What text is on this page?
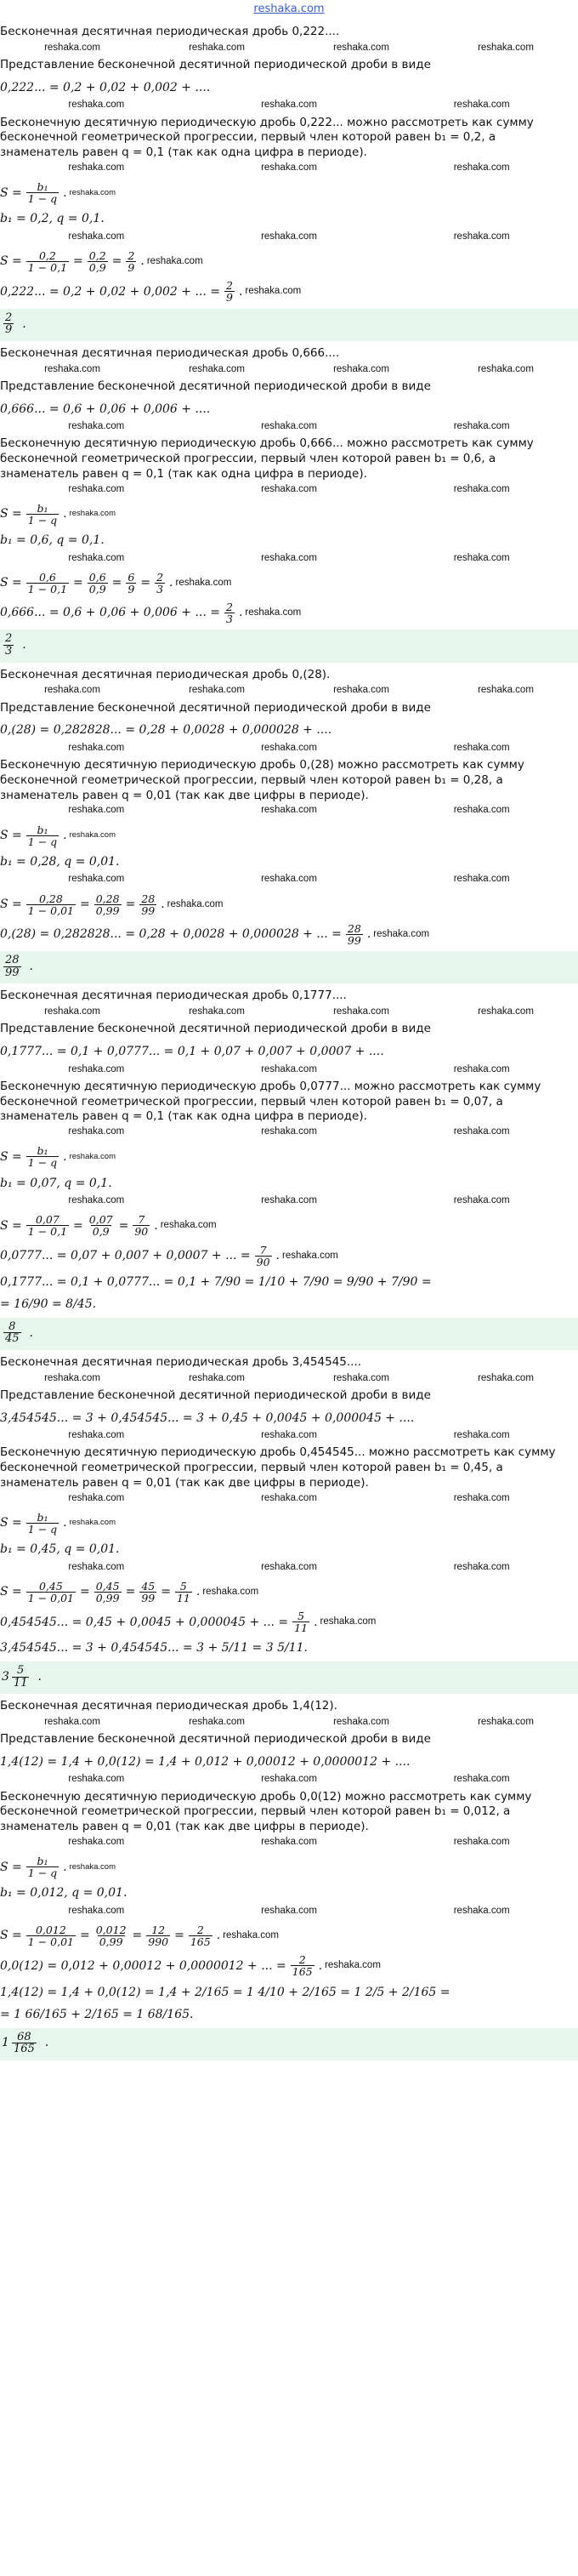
reshaka.com
Бесконечная десятичная периодическая дробь 0,222....
reshaka.com	reshaka.com	reshaka.com	reshaka.com
Представление бесконечной десятичной периодической дроби в виде
0,222... = 0,2 + 0,02 + 0,002 + ....
reshaka.com	reshaka.com	reshaka.com
Бесконечную десятичную периодическую дробь 0,222... можно рассмотреть как сумму бесконечной геометрической прогрессии, первый член которой равен b₁ = 0,2, а знаменатель равен q = 0,1 (так как одна цифра в периоде).
reshaka.com	reshaka.com	reshaka.com
$S = \frac{\text{b₁}}{1 - q}$ . reshaka.com
b₁ = 0,2, q = 0,1.
reshaka.com	reshaka.com	reshaka.com
$S = \frac{0,2}{1 - 0,1} = \frac{0,2}{0,9} = \frac{2}{9}$ . reshaka.com
0,222... = 0,2 + 0,02 + 0,002 + ... = $\frac{2}{9}$ . reshaka.com
$\frac{2}{9}$ .
Бесконечная десятичная периодическая дробь 0,666....
reshaka.com	reshaka.com	reshaka.com	reshaka.com
Представление бесконечной десятичной периодической дроби в виде
0,666... = 0,6 + 0,06 + 0,006 + ....
reshaka.com	reshaka.com	reshaka.com
Бесконечную десятичную периодическую дробь 0,666... можно рассмотреть как сумму бесконечной геометрической прогрессии, первый член которой равен b₁ = 0,6, а знаменатель равен q = 0,1 (так как одна цифра в периоде).
reshaka.com	reshaka.com	reshaka.com
$S = \frac{\text{b₁}}{1 - q}$ . reshaka.com
b₁ = 0,6, q = 0,1.
reshaka.com	reshaka.com	reshaka.com
$S = \frac{0,6}{1 - 0,1} = \frac{0,6}{0,9} = \frac{6}{9} = \frac{2}{3}$ . reshaka.com
0,666... = 0,6 + 0,06 + 0,006 + ... = $\frac{2}{3}$ . reshaka.com
$\frac{2}{3}$ .
Бесконечная десятичная периодическая дробь 0,(28).
reshaka.com	reshaka.com	reshaka.com	reshaka.com
Представление бесконечной десятичной периодической дроби в виде
0,(28) = 0,282828... = 0,28 + 0,0028 + 0,000028 + ....
reshaka.com	reshaka.com	reshaka.com
Бесконечную десятичную периодическую дробь 0,(28) можно рассмотреть как сумму бесконечной геометрической прогрессии, первый член которой равен b₁ = 0,28, а знаменатель равен q = 0,01 (так как две цифры в периоде).
reshaka.com	reshaka.com	reshaka.com
$S = \frac{\text{b₁}}{1 - q}$ . reshaka.com
b₁ = 0,28, q = 0,01.
reshaka.com	reshaka.com	reshaka.com
$S = \frac{0,28}{1 - 0,01} = \frac{0,28}{0,99} = \frac{28}{99}$ . reshaka.com
0,(28) = 0,282828... = 0,28 + 0,0028 + 0,000028 + ... = $\frac{28}{99}$ . reshaka.com
$\frac{28}{99}$ .
Бесконечная десятичная периодическая дробь 0,1777....
reshaka.com	reshaka.com	reshaka.com	reshaka.com
Представление бесконечной десятичной периодической дроби в виде
0,1777... = 0,1 + 0,0777... = 0,1 + 0,07 + 0,007 + 0,0007 + ....
reshaka.com	reshaka.com	reshaka.com
Бесконечную десятичную периодическую дробь 0,0777... можно рассмотреть как сумму бесконечной геометрической прогрессии, первый член которой равен b₁ = 0,07, а знаменатель равен q = 0,1 (так как одна цифра в периоде).
reshaka.com	reshaka.com	reshaka.com
$S = \frac{\text{b₁}}{1 - q}$ . reshaka.com
b₁ = 0,07, q = 0,1.
reshaka.com	reshaka.com	reshaka.com
$S = \frac{0,07}{1 - 0,1} = \frac{0,07}{0,9} = \frac{7}{90}$ . reshaka.com
0,0777... = 0,07 + 0,007 + 0,0007 + ... = $\frac{7}{90}$ . reshaka.com
0,1777... = 0,1 + 0,0777... = 0,1 + 7/90 = 1/10 + 7/90 = 9/90 + 7/90 =
= 16/90 = 8/45.
$\frac{8}{45}$ .
Бесконечная десятичная периодическая дробь 3,454545....
reshaka.com	reshaka.com	reshaka.com	reshaka.com
Представление бесконечной десятичной периодической дроби в виде
3,454545... = 3 + 0,454545... = 3 + 0,45 + 0,0045 + 0,000045 + ....
reshaka.com	reshaka.com	reshaka.com
Бесконечную десятичную периодическую дробь 0,454545... можно рассмотреть как сумму бесконечной геометрической прогрессии, первый член которой равен b₁ = 0,45, а знаменатель равен q = 0,01 (так как две цифры в периоде).
reshaka.com	reshaka.com	reshaka.com
$S = \frac{\text{b₁}}{1 - q}$ . reshaka.com
b₁ = 0,45, q = 0,01.
reshaka.com	reshaka.com	reshaka.com
$S = \frac{0,45}{1 - 0,01} = \frac{0,45}{0,99} = \frac{45}{99} = \frac{5}{11}$ . reshaka.com
0,454545... = 0,45 + 0,0045 + 0,000045 + ... = $\frac{5}{11}$ . reshaka.com
3,454545... = 3 + 0,454545... = 3 + 5/11 = 3 5/11.
$3 \frac{5}{11}$ .
Бесконечная десятичная периодическая дробь 1,4(12).
reshaka.com	reshaka.com	reshaka.com	reshaka.com
Представление бесконечной десятичной периодической дроби в виде
1,4(12) = 1,4 + 0,0(12) = 1,4 + 0,012 + 0,00012 + 0,0000012 + ....
reshaka.com	reshaka.com	reshaka.com
Бесконечную десятичную периодическую дробь 0,0(12) можно рассмотреть как сумму бесконечной геометрической прогрессии, первый член которой равен b₁ = 0,012, а знаменатель равен q = 0,01 (так как две цифры в периоде).
reshaka.com	reshaka.com	reshaka.com
$S = \frac{\text{b₁}}{1 - q}$ . reshaka.com
b₁ = 0,012, q = 0,01.
reshaka.com	reshaka.com	reshaka.com
$S = \frac{0,012}{1 - 0,01} = \frac{0,012}{0,99} = \frac{12}{990} = \frac{2}{165}$ . reshaka.com
0,0(12) = 0,012 + 0,00012 + 0,0000012 + ... = $\frac{2}{165}$ . reshaka.com
1,4(12) = 1,4 + 0,0(12) = 1,4 + 2/165 = 1 4/10 + 2/165 = 1 2/5 + 2/165 =
= 1 66/165 + 2/165 = 1 68/165.
$1 \frac{68}{165}$ .
